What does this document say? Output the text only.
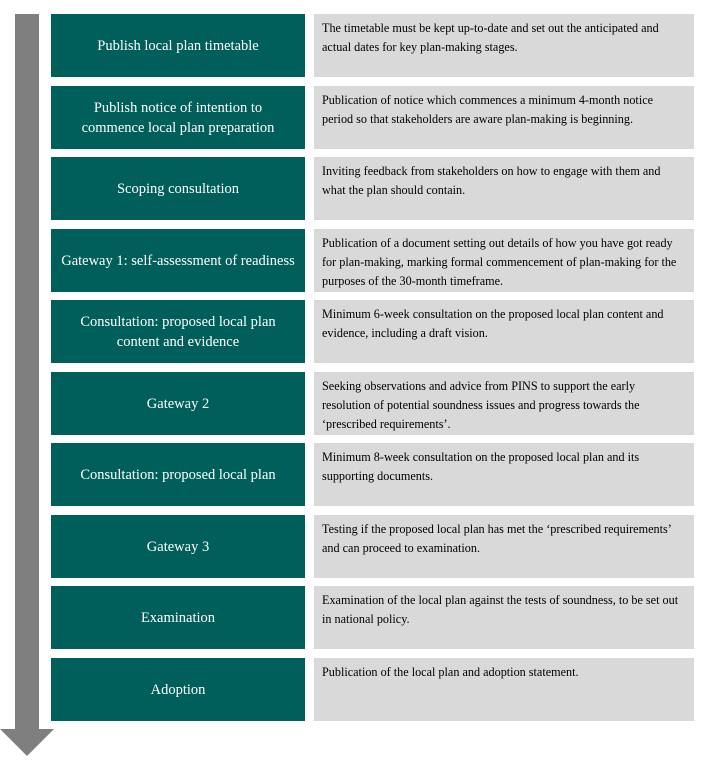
Publish local plan timetable
The timetable must be kept up-to-date and set out the anticipated and actual dates for key plan-making stages.
Publish notice of intention to commence local plan preparation
Publication of notice which commences a minimum 4-month notice period so that stakeholders are aware plan-making is beginning.
Scoping consultation
Inviting feedback from stakeholders on how to engage with them and what the plan should contain.
Gateway 1: self-assessment of readiness
Publication of a document setting out details of how you have got ready for plan-making, marking formal commencement of plan-making for the purposes of the 30-month timeframe.
Consultation: proposed local plan content and evidence
Minimum 6-week consultation on the proposed local plan content and evidence, including a draft vision.
Gateway 2
Seeking observations and advice from PINS to support the early resolution of potential soundness issues and progress towards the ‘prescribed requirements’.
Consultation: proposed local plan
Minimum 8-week consultation on the proposed local plan and its supporting documents.
Gateway 3
Testing if the proposed local plan has met the ‘prescribed requirements’ and can proceed to examination.
Examination
Examination of the local plan against the tests of soundness, to be set out in national policy.
Adoption
Publication of the local plan and adoption statement.
